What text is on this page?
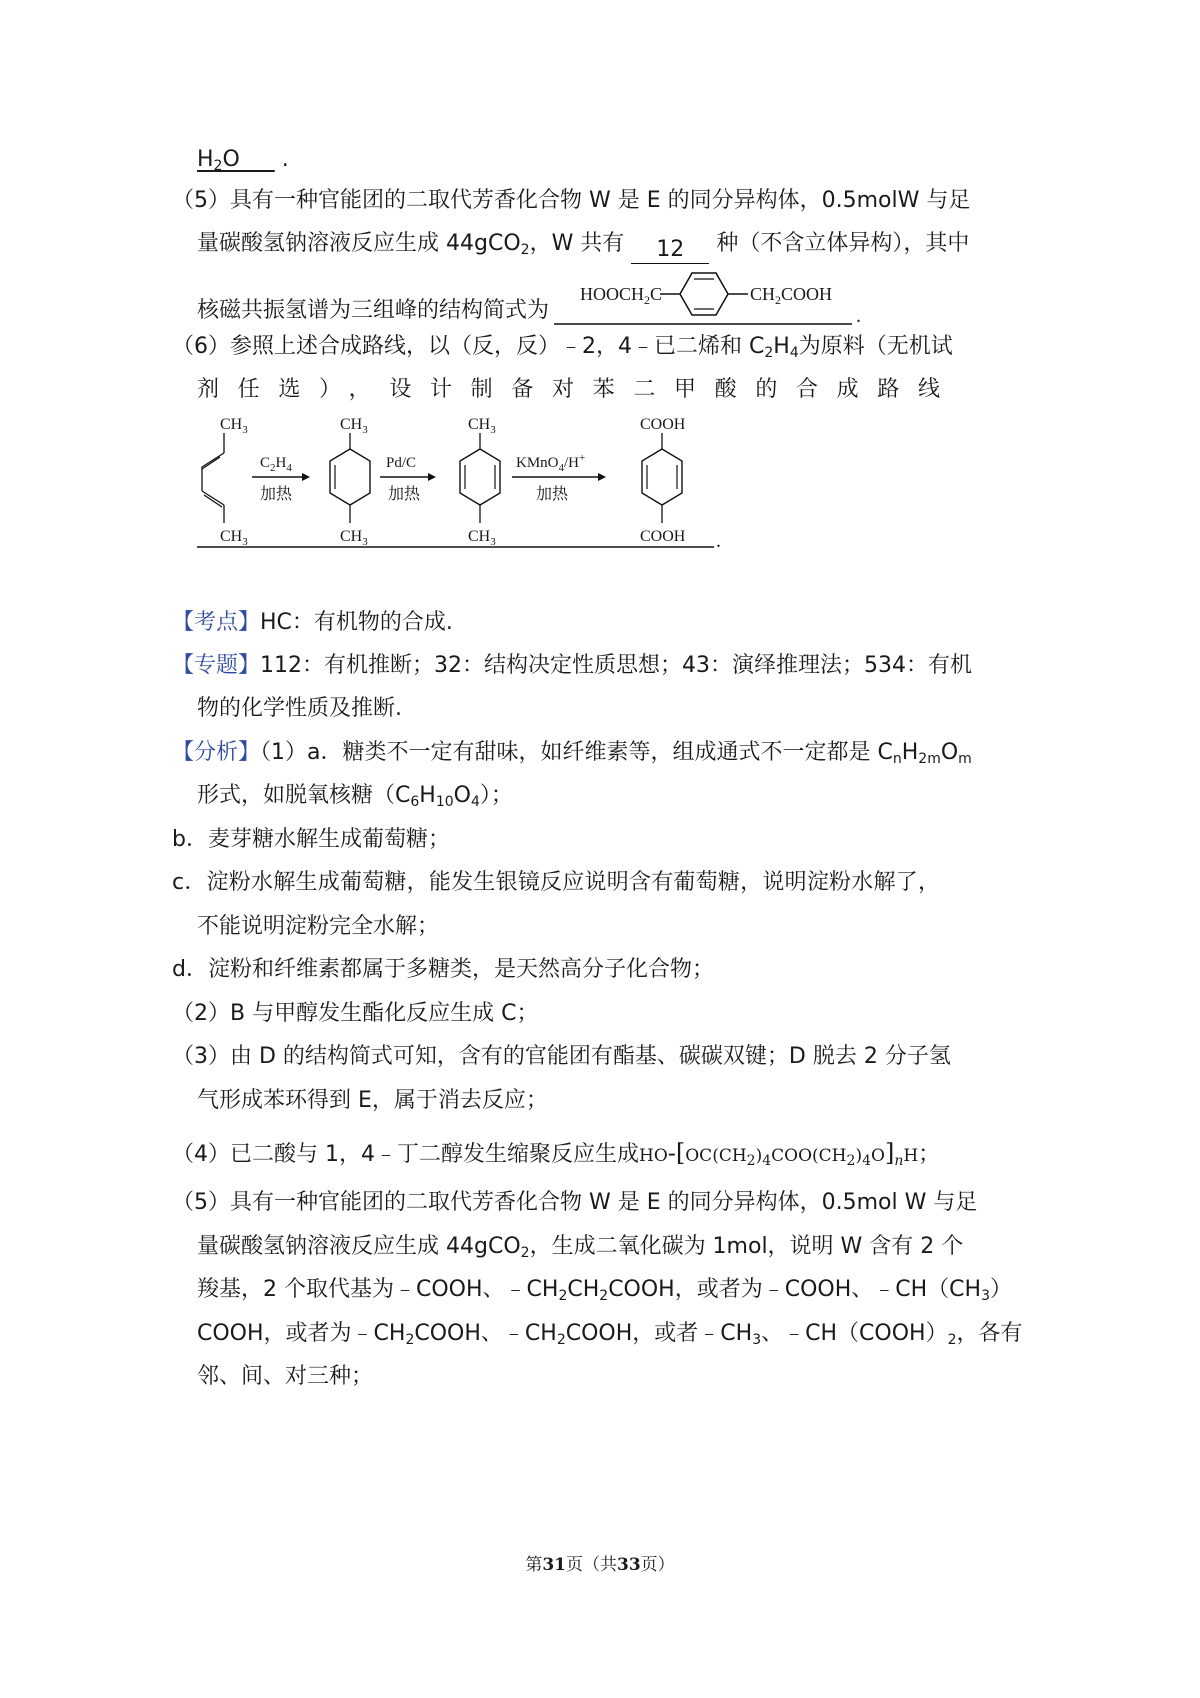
$H_2O$      .
（5）具有一种官能团的二取代芳香化合物 W 是 E 的同分异构体，0.5molW 与足
量碳酸氢钠溶液反应生成 44gCO$_2$，W 共有 12 种（不含立体异构），其中
核磁共振氢谱为三组峰的结构简式为
$HOOCH_2C$	$CH_2COOH$
.
（6）参照上述合成路线，以（反，反）﹣2，4﹣已二烯和 $C_2H_4$为原料（无机试
剂任选），设计制备对苯二甲酸的合成路线
$CH_3$
$CH_3$
$C_2H_4$
加热
$CH_3$
$CH_3$
Pd/C
加热
$CH_3$
$CH_3$
KMnO$_4$/H+
加热
COOH
COOH .
【考点】HC：有机物的合成.
【专题】112：有机推断；32：结构决定性质思想；43：演绎推理法；534：有机
物的化学性质及推断.
【分析】（1）a．糖类不一定有甜味，如纤维素等，组成通式不一定都是 $C_nH_{2m}O_m$
形式，如脱氧核糖$(C_6H_{10}O_4)$；
b．麦芽糖水解生成葡萄糖；
c．淀粉水解生成葡萄糖，能发生银镜反应说明含有葡萄糖，说明淀粉水解了，
不能说明淀粉完全水解；
d．淀粉和纤维素都属于多糖类，是天然高分子化合物；
（2）B 与甲醇发生酯化反应生成 C；
（3）由 D 的结构简式可知，含有的官能团有酯基、碳碳双键；D 脱去 2 分子氢
气形成苯环得到 E，属于消去反应；
（4）已二酸与 1，4﹣丁二醇发生缩聚反应生成$HO-[OC(CH_2)_4COO(CH_2)_4O]_nH$；
（5）具有一种官能团的二取代芳香化合物 W 是 E 的同分异构体，0.5mol W 与足
量碳酸氢钠溶液反应生成 44gCO$_2$，生成二氧化碳为 1mol，说明 W 含有 2 个
羧基，2 个取代基为﹣COOH、$﹣CH_2CH_2COOH$，或者为﹣COOH、$﹣CH(CH_3)$
COOH，或者为$﹣CH_2COOH$、$﹣CH_2COOH$，或者$﹣CH_3$、$﹣CH(COOH)_2$，各有
邻、间、对三种；
第31页（共33页）
